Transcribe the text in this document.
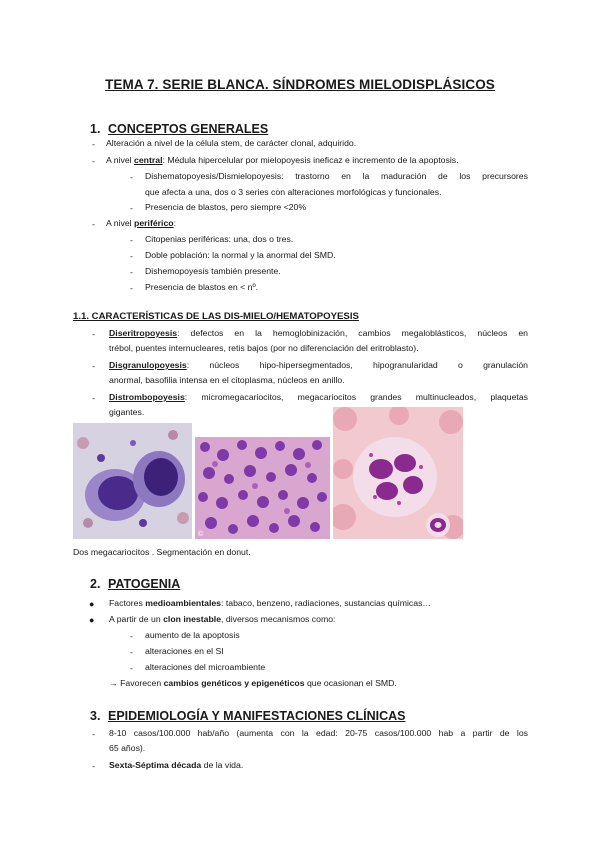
TEMA 7. SERIE BLANCA. SÍNDROMES MIELODISPLÁSICOS
1. CONCEPTOS GENERALES
- Alteración a nivel de la célula stem, de carácter clonal, adquirido.
- A nivel central: Médula hipercelular por mielopoyesis ineficaz e incremento de la apoptosis.
- Dishematopoyesis/Dismielopoyesis: trastorno en la maduración de los precursores
que afecta a una, dos o 3 series con alteraciones morfológicas y funcionales.
- Presencia de blastos, pero siempre <20%
- A nivel periférico:
- Citopenias periféricas: una, dos o tres.
- Doble población: la normal y la anormal del SMD.
- Dishemopoyesis también presente.
- Presencia de blastos en < nº.
1.1. CARACTERÍSTICAS DE LAS DIS-MIELO/HEMATOPOYESIS
- Diseritropoyesis: defectos en la hemoglobinización, cambios megaloblásticos, núcleos en
trébol, puentes internucleares, retis bajos (por no diferenciación del eritroblasto).
- Disgranulopoyesis: núcleos hipo-hipersegmentados, hipogranularidad o granulación
anormal, basofilia intensa en el citoplasma, núcleos en anillo.
- Distrombopoyesis: micromegacariocitos, megacariocitos grandes multinucleados, plaquetas
gigantes.
©
Dos megacariocitos . Segmentación en donut.
2. PATOGENIA
● Factores medioambientales: tabaco, benzeno, radiaciones, sustancias químicas…
● A partir de un clon inestable, diversos mecanismos como:
- aumento de la apoptosis
- alteraciones en el SI
- alteraciones del microambiente
→ Favorecen cambios genéticos y epigenéticos que ocasionan el SMD.
3. EPIDEMIOLOGÍA Y MANIFESTACIONES CLÍNICAS
- 8-10 casos/100.000 hab/año (aumenta con la edad: 20-75 casos/100.000 hab a partir de los
65 años).
- Sexta-Séptima década de la vida.
